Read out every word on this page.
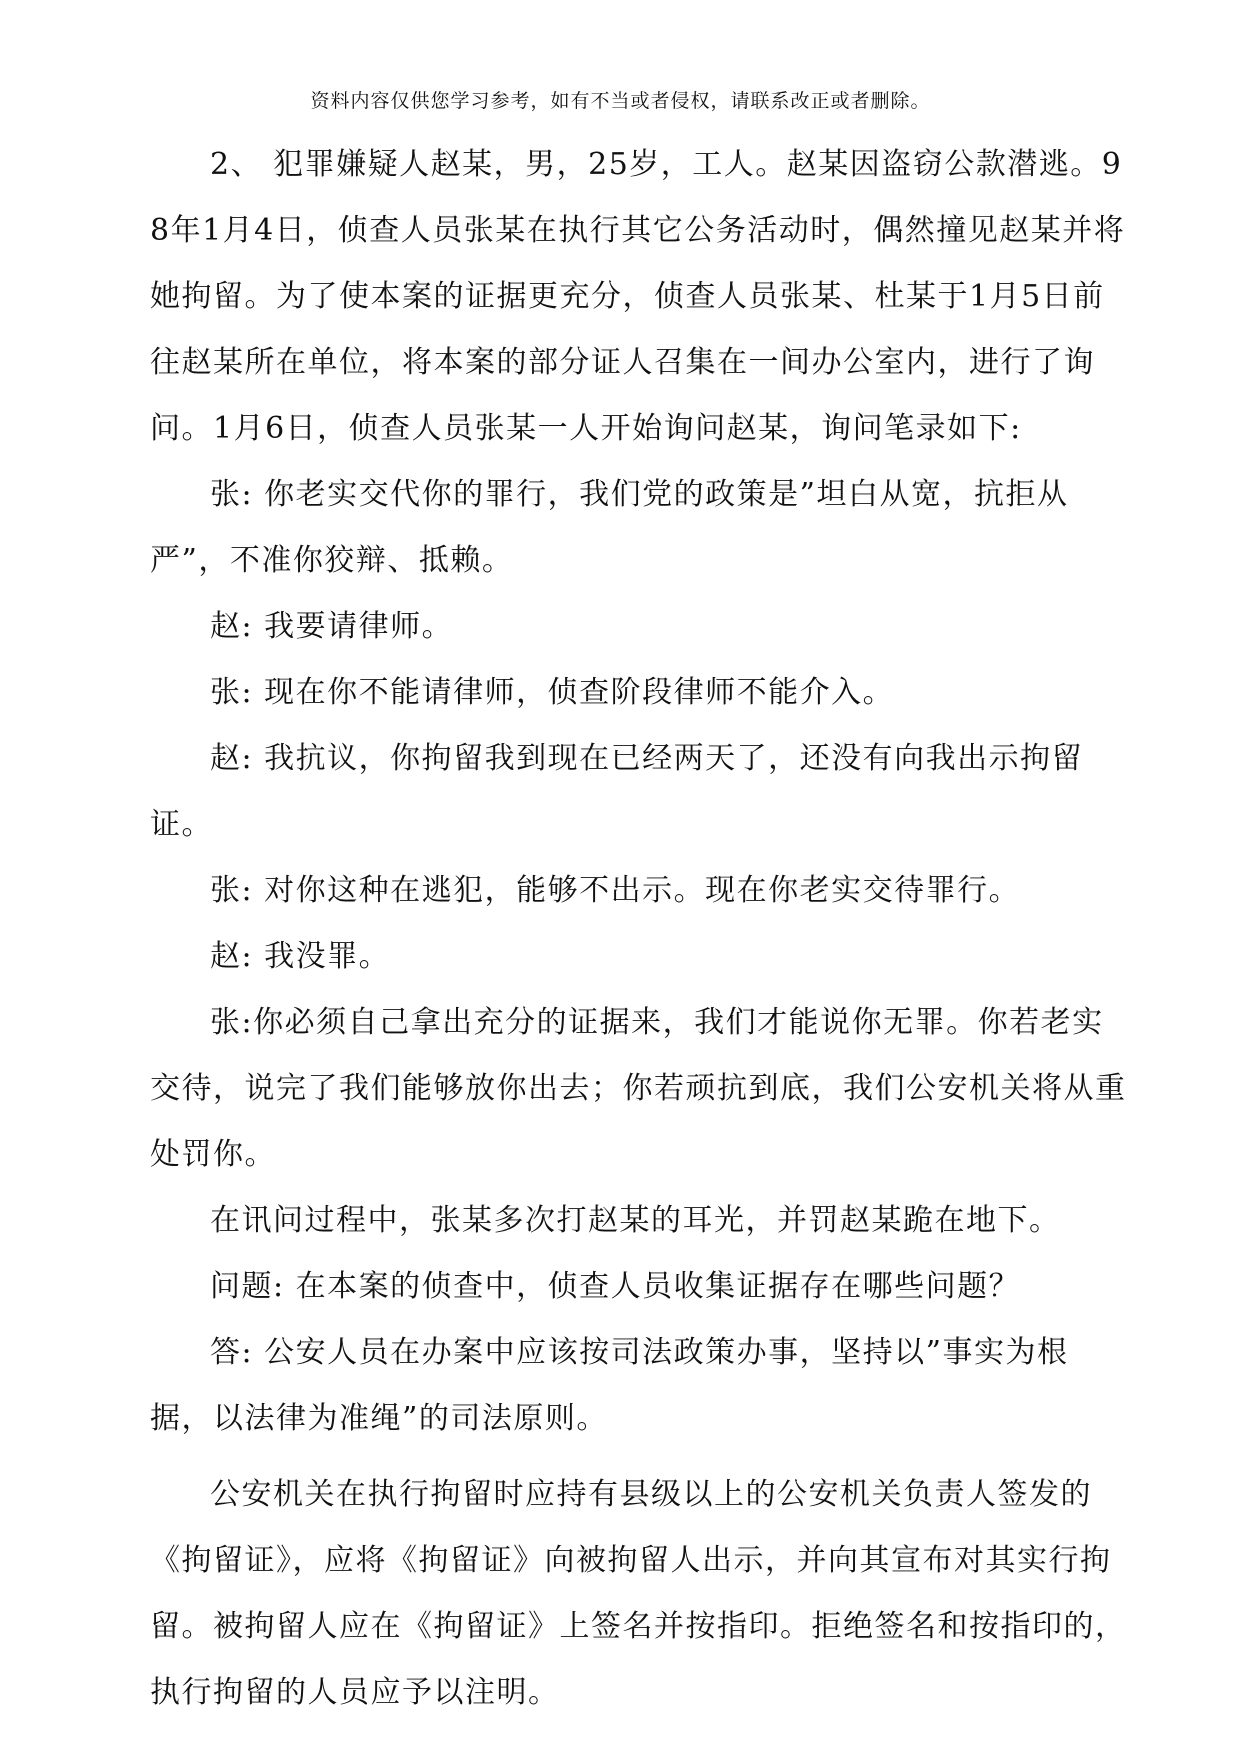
资料内容仅供您学习参考，如有不当或者侵权，请联系改正或者删除。

2、 犯罪嫌疑人赵某，男，25岁，工人。赵某因盗窃公款潜逃。98年1月4日，侦查人员张某在执行其它公务活动时，偶然撞见赵某并将她拘留。为了使本案的证据更充分，侦查人员张某、杜某于1月5日前往赵某所在单位，将本案的部分证人召集在一间办公室内，进行了询问。1月6日，侦查人员张某一人开始询问赵某，询问笔录如下:

张: 你老实交代你的罪行，我们党的政策是”坦白从宽，抗拒从严”，不准你狡辩、抵赖。

赵: 我要请律师。

张: 现在你不能请律师，侦查阶段律师不能介入。

赵: 我抗议，你拘留我到现在已经两天了，还没有向我出示拘留证。

张: 对你这种在逃犯，能够不出示。现在你老实交待罪行。

赵: 我没罪。

张:你必须自己拿出充分的证据来，我们才能说你无罪。你若老实交待，说完了我们能够放你出去；你若顽抗到底，我们公安机关将从重处罚你。

在讯问过程中，张某多次打赵某的耳光，并罚赵某跪在地下。

问题: 在本案的侦查中，侦查人员收集证据存在哪些问题？

答: 公安人员在办案中应该按司法政策办事，坚持以”事实为根据，以法律为准绳”的司法原则。

公安机关在执行拘留时应持有县级以上的公安机关负责人签发的《拘留证》，应将《拘留证》向被拘留人出示，并向其宣布对其实行拘留。被拘留人应在《拘留证》上签名并按指印。拒绝签名和按指印的，执行拘留的人员应予以注明。
